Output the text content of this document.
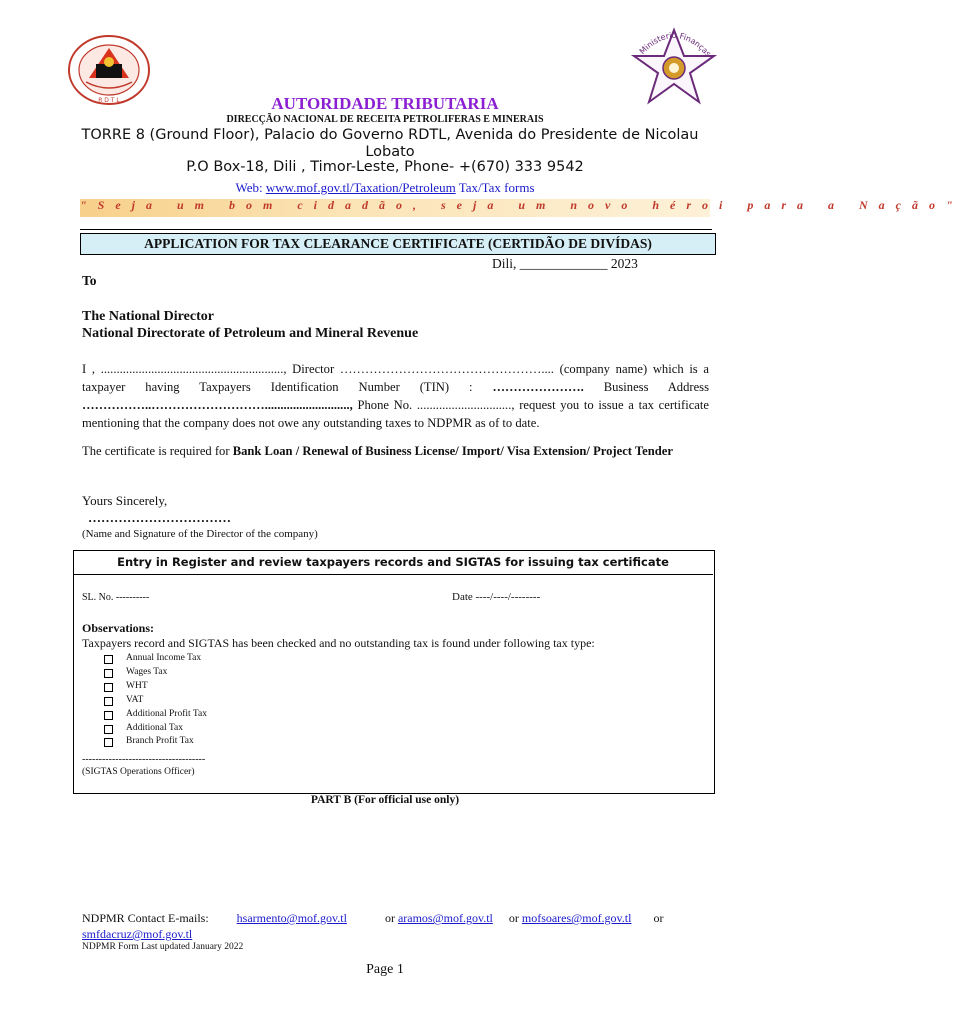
R D T L
Ministerio Finanças
AUTORIDADE TRIBUTARIA
DIRECÇÃO NACIONAL DE RECEITA PETROLIFERAS E MINERAIS
TORRE 8 (Ground Floor), Palacio do Governo RDTL, Avenida do Presidente de Nicolau Lobato
P.O Box-18, Dili , Timor-Leste, Phone- +(670) 333 9542
Web: www.mof.gov.tl/Taxation/Petroleum Tax/Tax forms
"Seja um bom cidadão, seja um novo héroi para a Nação"
APPLICATION FOR TAX CLEARANCE CERTIFICATE (CERTIDÃO DE DIVÍDAS)
Dili, _____________ 2023
To
The National Director
National Directorate of Petroleum and Mineral Revenue
I , .........................................................., Director ………………………………………….... (company name) which is a taxpayer having Taxpayers Identification Number (TIN) : …………………. Business Address ……………..………………………..........................., Phone No. .............................., request you to issue a tax certificate mentioning that the company does not owe any outstanding taxes to NDPMR as of to date.
The certificate is required for Bank Loan / Renewal of Business License/ Import/ Visa Extension/ Project Tender
Yours Sincerely,
……………………………
(Name and Signature of the Director of the company)
Entry in Register and review taxpayers records and SIGTAS for issuing tax certificate
SL. No. ----------	Date ----/----/--------
Observations:
Taxpayers record and SIGTAS has been checked and no outstanding tax is found under following tax type:
Annual Income Tax
Wages Tax
WHT
VAT
Additional Profit Tax
Additional Tax
Branch Profit Tax
-------------------------------------
(SIGTAS Operations Officer)
PART B (For official use only)
NDPMR Contact E-mails: hsarmento@mof.gov.tl	or aramos@mof.gov.tl or mofsoares@mof.gov.tl or
smfdacruz@mof.gov.tl
NDPMR Form Last updated January 2022
Page 1
